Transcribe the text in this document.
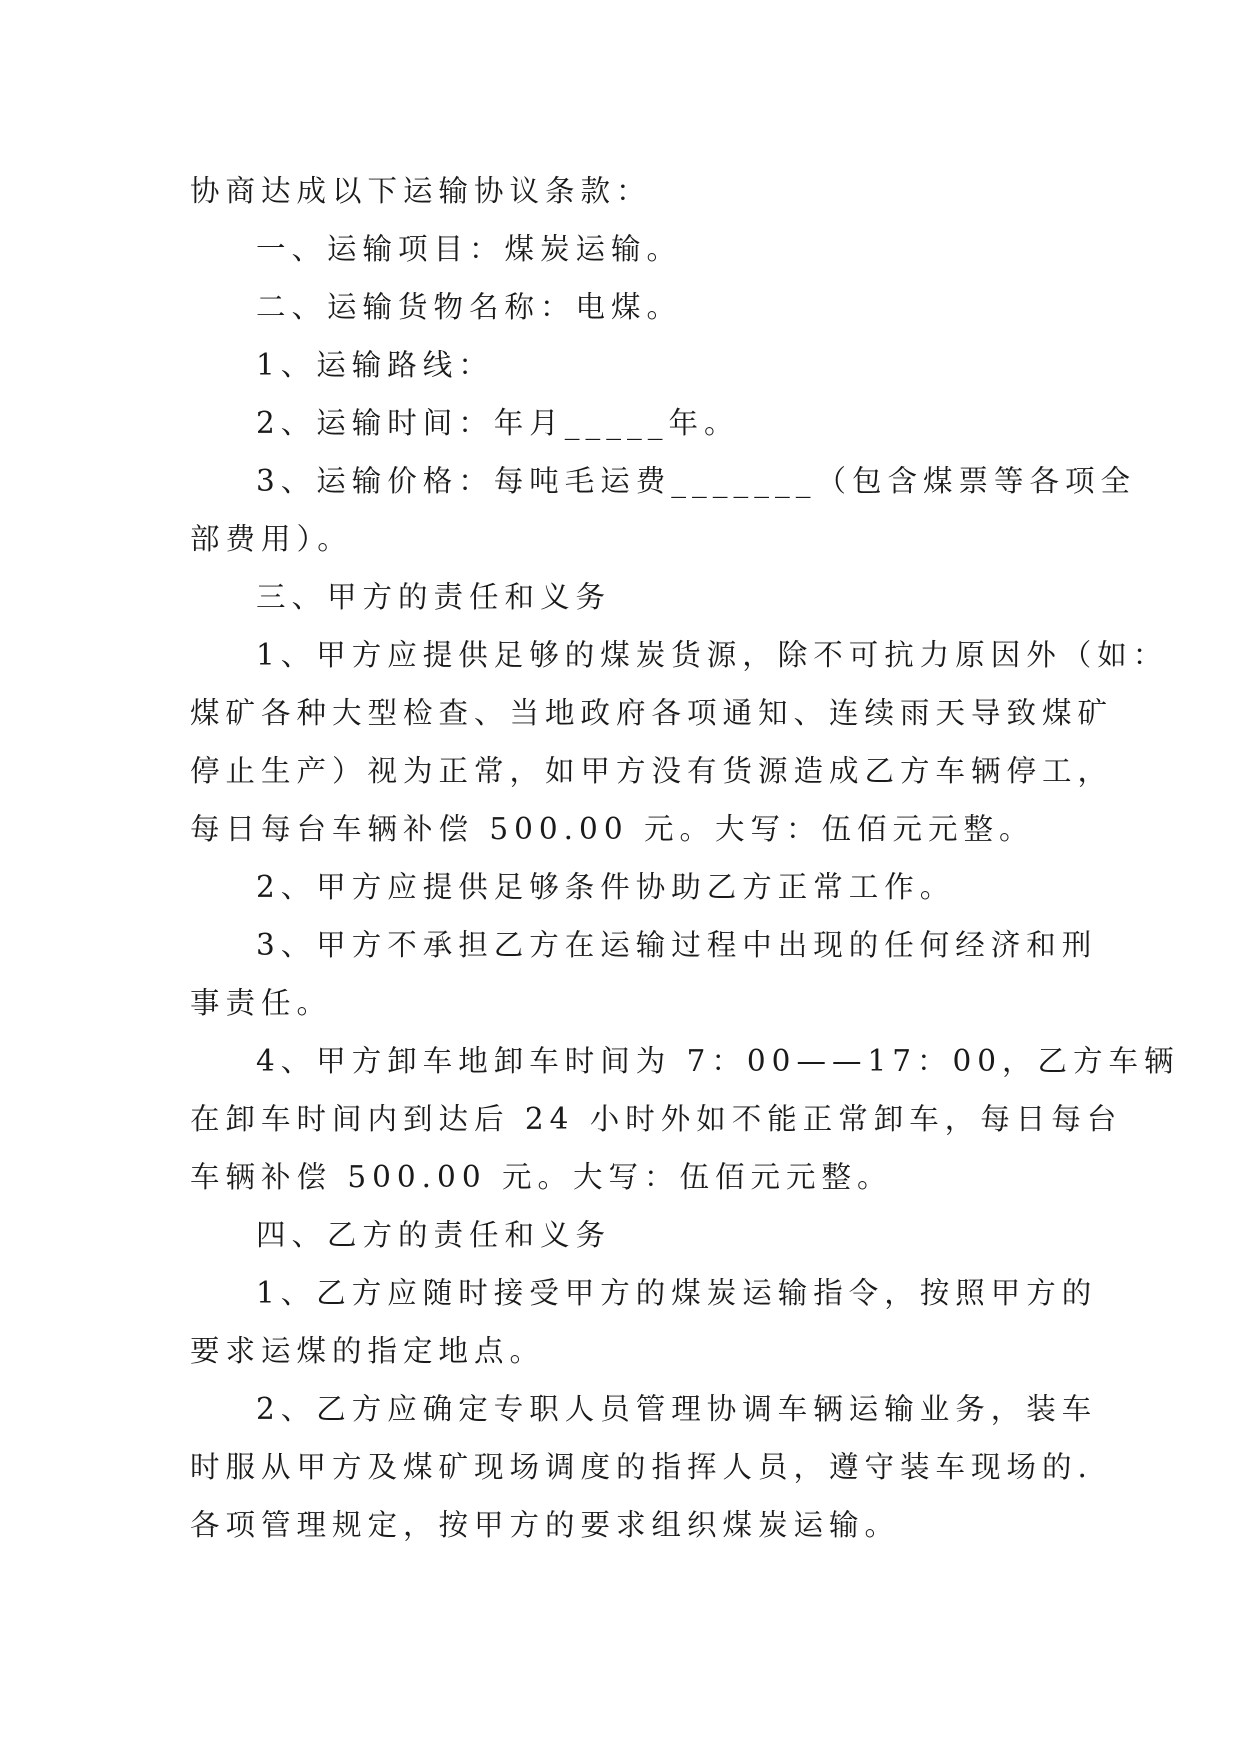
协商达成以下运输协议条款：
一、运输项目：煤炭运输。
二、运输货物名称：电煤。
1、运输路线：
2、运输时间：年月_____年。
3、运输价格：每吨毛运费_______（包含煤票等各项全
部费用）。
三、甲方的责任和义务
1、甲方应提供足够的煤炭货源，除不可抗力原因外（如：
煤矿各种大型检查、当地政府各项通知、连续雨天导致煤矿
停止生产）视为正常，如甲方没有货源造成乙方车辆停工，
每日每台车辆补偿 500.00 元。大写：伍佰元元整。
2、甲方应提供足够条件协助乙方正常工作。
3、甲方不承担乙方在运输过程中出现的任何经济和刑
事责任。
4、甲方卸车地卸车时间为 7：00——17：00，乙方车辆
在卸车时间内到达后 24 小时外如不能正常卸车，每日每台
车辆补偿 500.00 元。大写：伍佰元元整。
四、乙方的责任和义务
1、乙方应随时接受甲方的煤炭运输指令，按照甲方的
要求运煤的指定地点。
2、乙方应确定专职人员管理协调车辆运输业务，装车
时服从甲方及煤矿现场调度的指挥人员，遵守装车现场的.
各项管理规定，按甲方的要求组织煤炭运输。
